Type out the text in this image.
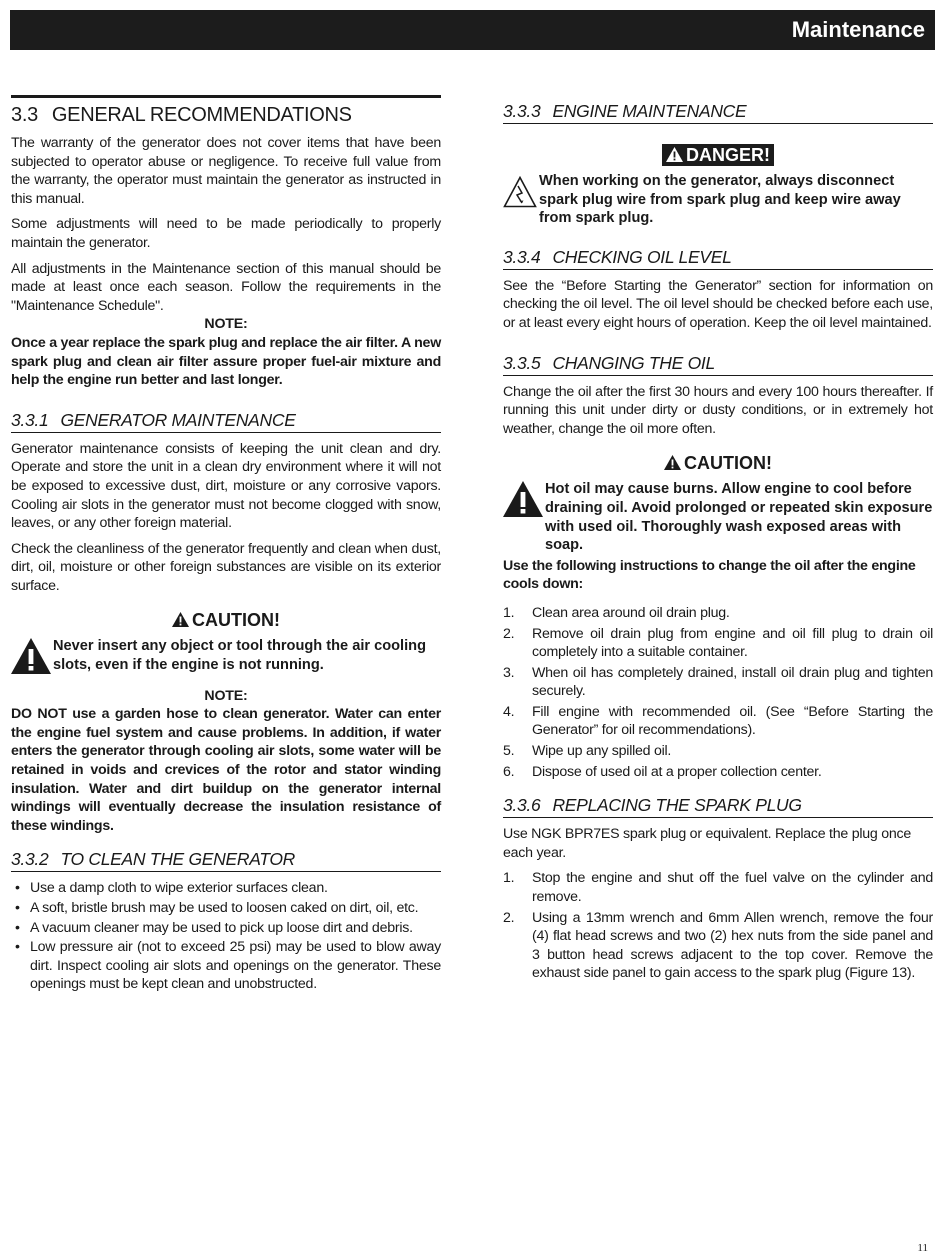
Maintenance
3.3 GENERAL RECOMMENDATIONS

The warranty of the generator does not cover items that have been subjected to operator abuse or negligence. To receive full value from the warranty, the operator must maintain the generator as instructed in this manual.

Some adjustments will need to be made periodically to properly maintain the generator.

All adjustments in the Maintenance section of this manual should be made at least once each season. Follow the requirements in the "Maintenance Schedule".

NOTE:

Once a year replace the spark plug and replace the air filter. A new spark plug and clean air filter assure proper fuel-air mixture and help the engine run better and last longer.

3.3.1 GENERATOR MAINTENANCE

Generator maintenance consists of keeping the unit clean and dry. Operate and store the unit in a clean dry environment where it will not be exposed to excessive dust, dirt, moisture or any corrosive vapors. Cooling air slots in the generator must not become clogged with snow, leaves, or any other foreign material.

Check the cleanliness of the generator frequently and clean when dust, dirt, oil, moisture or other foreign substances are visible on its exterior surface.

CAUTION!
Never insert any object or tool through the air cooling slots, even if the engine is not running.
NOTE:

DO NOT use a garden hose to clean generator. Water can enter the engine fuel system and cause problems. In addition, if water enters the generator through cooling air slots, some water will be retained in voids and crevices of the rotor and stator winding insulation. Water and dirt buildup on the generator internal windings will eventually decrease the insulation resistance of these windings.

3.3.2 TO CLEAN THE GENERATOR
• Use a damp cloth to wipe exterior surfaces clean.
• A soft, bristle brush may be used to loosen caked on dirt, oil, etc.
• A vacuum cleaner may be used to pick up loose dirt and debris.
• Low pressure air (not to exceed 25 psi) may be used to blow away dirt. Inspect cooling air slots and openings on the generator. These openings must be kept clean and unobstructed.
3.3.3 ENGINE MAINTENANCE
DANGER!
When working on the generator, always disconnect spark plug wire from spark plug and keep wire away from spark plug.
3.3.4 CHECKING OIL LEVEL

See the “Before Starting the Generator” section for information on checking the oil level. The oil level should be checked before each use, or at least every eight hours of operation. Keep the oil level maintained.

3.3.5 CHANGING THE OIL

Change the oil after the first 30 hours and every 100 hours thereafter. If running this unit under dirty or dusty conditions, or in extremely hot weather, change the oil more often.

CAUTION!
Hot oil may cause burns. Allow engine to cool before draining oil. Avoid prolonged or repeated skin exposure with used oil. Thoroughly wash exposed areas with soap.

Use the following instructions to change the oil after the engine cools down:

1.	Clean area around oil drain plug.
2.	Remove oil drain plug from engine and oil fill plug to drain oil completely into a suitable container.
3.	When oil has completely drained, install oil drain plug and tighten securely.
4.	Fill engine with recommended oil. (See “Before Starting the Generator” for oil recommendations).
5.	Wipe up any spilled oil.
6.	Dispose of used oil at a proper collection center.
3.3.6 REPLACING THE SPARK PLUG

Use NGK BPR7ES spark plug or equivalent. Replace the plug once each year.

1.	Stop the engine and shut off the fuel valve on the cylinder and remove.
2.	Using a 13mm wrench and 6mm Allen wrench, remove the four (4) flat head screws and two (2) hex nuts from the side panel and 3 button head screws adjacent to the top cover. Remove the exhaust side panel to gain access to the spark plug (Figure 13).
11
